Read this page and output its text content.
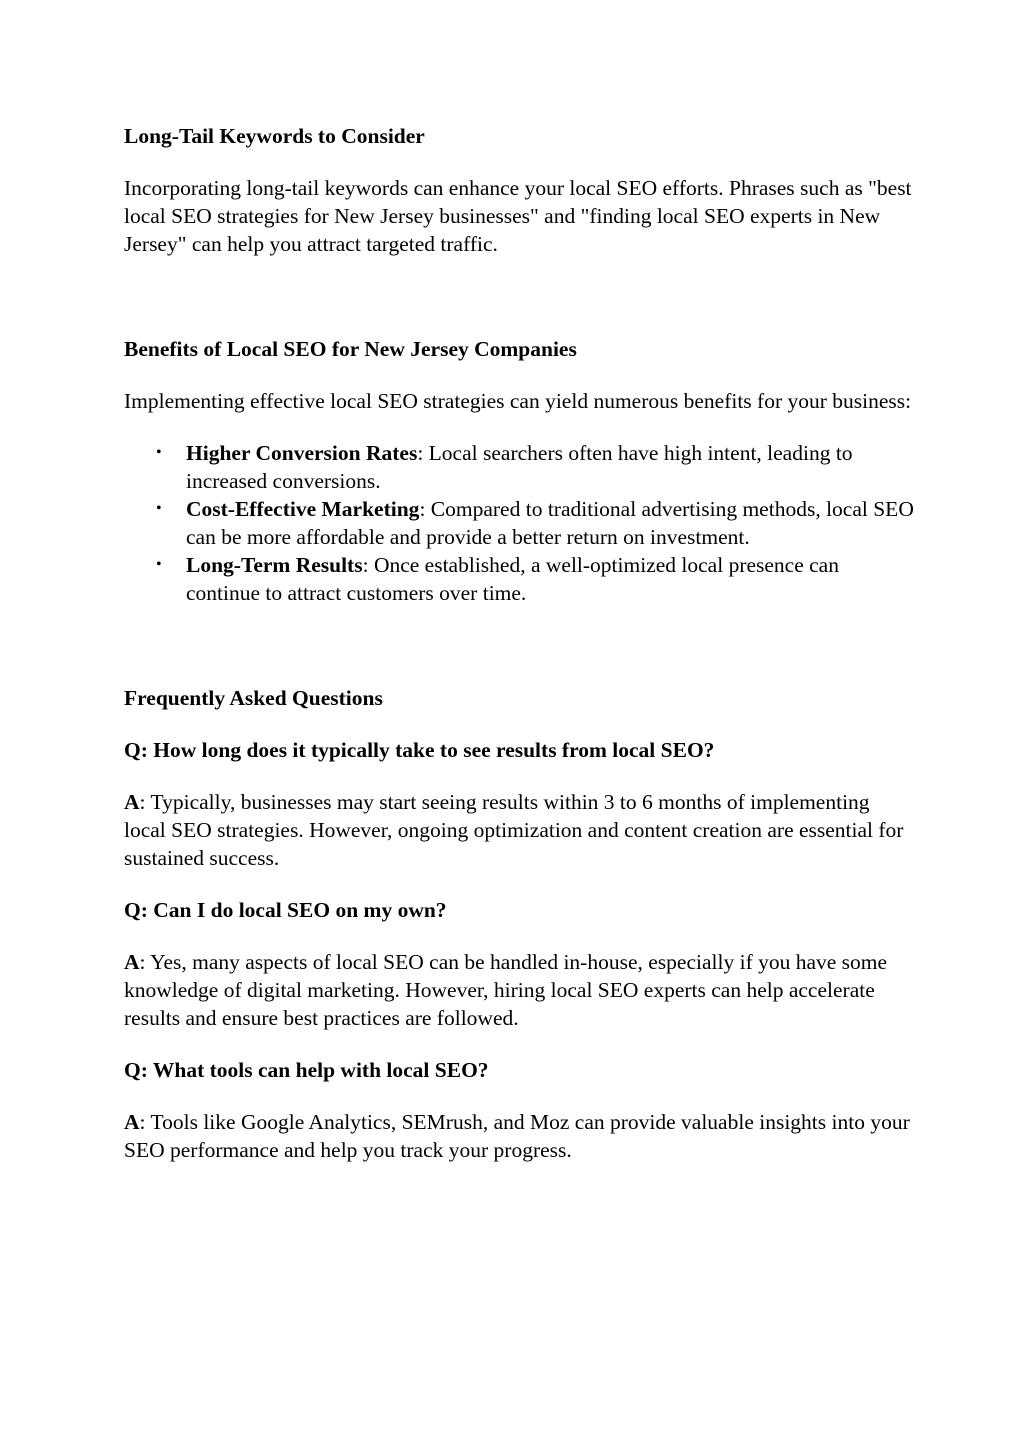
Long-Tail Keywords to Consider

Incorporating long-tail keywords can enhance your local SEO efforts. Phrases such as "best local SEO strategies for New Jersey businesses" and "finding local SEO experts in New Jersey" can help you attract targeted traffic.

Benefits of Local SEO for New Jersey Companies

Implementing effective local SEO strategies can yield numerous benefits for your business:

• Higher Conversion Rates: Local searchers often have high intent, leading to increased conversions.
• Cost-Effective Marketing: Compared to traditional advertising methods, local SEO can be more affordable and provide a better return on investment.
• Long-Term Results: Once established, a well-optimized local presence can continue to attract customers over time.
Frequently Asked Questions

Q: How long does it typically take to see results from local SEO?

A: Typically, businesses may start seeing results within 3 to 6 months of implementing local SEO strategies. However, ongoing optimization and content creation are essential for sustained success.

Q: Can I do local SEO on my own?

A: Yes, many aspects of local SEO can be handled in-house, especially if you have some knowledge of digital marketing. However, hiring local SEO experts can help accelerate results and ensure best practices are followed.

Q: What tools can help with local SEO?

A: Tools like Google Analytics, SEMrush, and Moz can provide valuable insights into your SEO performance and help you track your progress.
